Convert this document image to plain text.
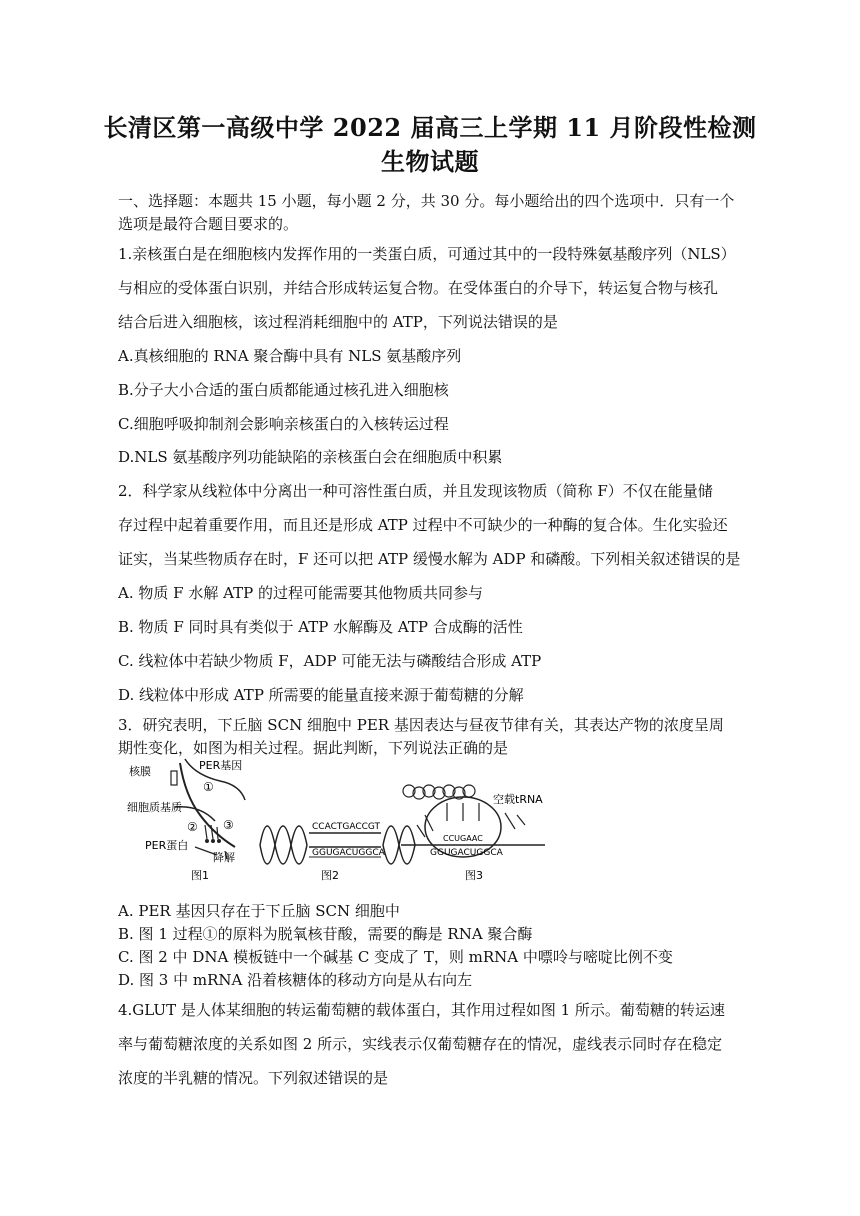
长清区第一高级中学 2022 届高三上学期 11 月阶段性检测
生物试题
一、选择题：本题共 15 小题，每小题 2 分，共 30 分。每小题给出的四个选项中．只有一个
选项是最符合题目要求的。
1.亲核蛋白是在细胞核内发挥作用的一类蛋白质，可通过其中的一段特殊氨基酸序列（NLS）
与相应的受体蛋白识别，并结合形成转运复合物。在受体蛋白的介导下，转运复合物与核孔
结合后进入细胞核，该过程消耗细胞中的 ATP，下列说法错误的是
A.真核细胞的 RNA 聚合酶中具有 NLS 氨基酸序列
B.分子大小合适的蛋白质都能通过核孔进入细胞核
C.细胞呼吸抑制剂会影响亲核蛋白的入核转运过程
D.NLS 氨基酸序列功能缺陷的亲核蛋白会在细胞质中积累
2．科学家从线粒体中分离出一种可溶性蛋白质，并且发现该物质（简称 F）不仅在能量储
存过程中起着重要作用，而且还是形成 ATP 过程中不可缺少的一种酶的复合体。生化实验还
证实，当某些物质存在时，F 还可以把 ATP 缓慢水解为 ADP 和磷酸。下列相关叙述错误的是
A. 物质 F 水解 ATP 的过程可能需要其他物质共同参与
B. 物质 F 同时具有类似于 ATP 水解酶及 ATP 合成酶的活性
C. 线粒体中若缺少物质 F，ADP 可能无法与磷酸结合形成 ATP
D. 线粒体中形成 ATP 所需要的能量直接来源于葡萄糖的分解
3．研究表明，下丘脑 SCN 细胞中 PER 基因表达与昼夜节律有关，其表达产物的浓度呈周
期性变化，如图为相关过程。据此判断，下列说法正确的是
核膜	PER基因
细胞质基质
PER蛋白
降解
①
② ③
图1
CCACTGACCGT
GGUGACUGGCA
图2
空载tRNA
CCUGAAC
GGUGACUGGCA
图3
A. PER 基因只存在于下丘脑 SCN 细胞中
B. 图 1 过程①的原料为脱氧核苷酸，需要的酶是 RNA 聚合酶
C. 图 2 中 DNA 模板链中一个碱基 C 变成了 T，则 mRNA 中嘌呤与嘧啶比例不变
D. 图 3 中 mRNA 沿着核糖体的移动方向是从右向左
4.GLUT 是人体某细胞的转运葡萄糖的载体蛋白，其作用过程如图 1 所示。葡萄糖的转运速
率与葡萄糖浓度的关系如图 2 所示，实线表示仅葡萄糖存在的情况，虚线表示同时存在稳定
浓度的半乳糖的情况。下列叙述错误的是
